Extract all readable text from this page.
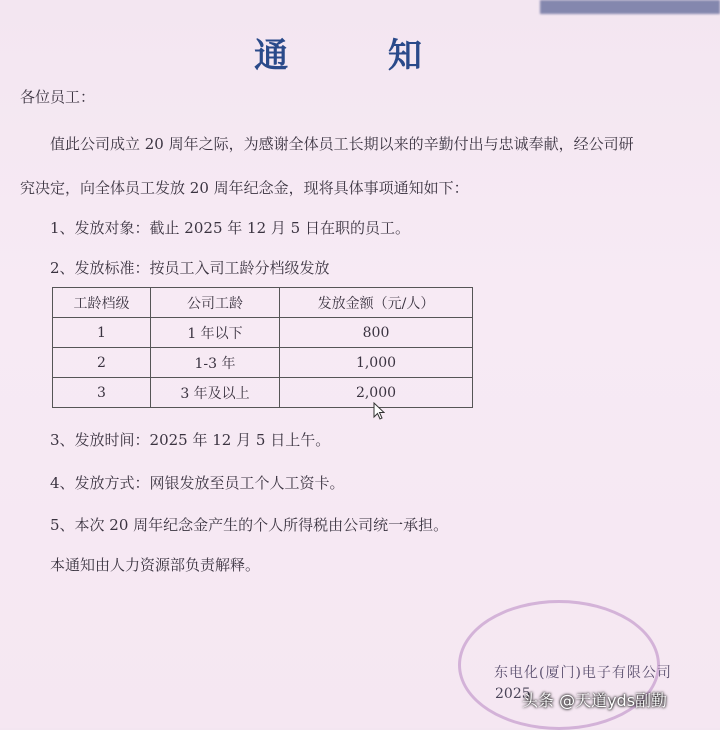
通 知
各位员工：
值此公司成立 20 周年之际，为感谢全体员工长期以来的辛勤付出与忠诚奉献，经公司研
究决定，向全体员工发放 20 周年纪念金，现将具体事项通知如下：
1、发放对象：截止 2025 年 12 月 5 日在职的员工。
2、发放标准：按员工入司工龄分档级发放
工龄档级	公司工龄	发放金额（元/人）
1	1 年以下	800
2	1-3 年	1,000
3	3 年及以上	2,000
3、发放时间：2025 年 12 月 5 日上午。
4、发放方式：网银发放至员工个人工资卡。
5、本次 20 周年纪念金产生的个人所得税由公司统一承担。
本通知由人力资源部负责解释。
东电化(厦门)电子有限公司
2025
头条 @天道yds副勤
